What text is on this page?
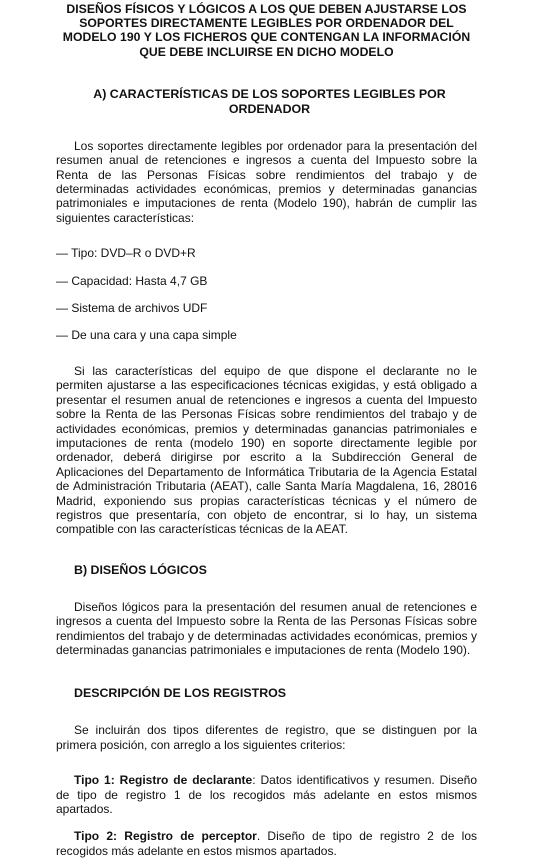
DISEÑOS FÍSICOS Y LÓGICOS A LOS QUE DEBEN AJUSTARSE LOS SOPORTES DIRECTAMENTE LEGIBLES POR ORDENADOR DEL MODELO 190 Y LOS FICHEROS QUE CONTENGAN LA INFORMACIÓN QUE DEBE INCLUIRSE EN DICHO MODELO
A) CARACTERÍSTICAS DE LOS SOPORTES LEGIBLES POR ORDENADOR

Los soportes directamente legibles por ordenador para la presentación del resumen anual de retenciones e ingresos a cuenta del Impuesto sobre la Renta de las Personas Físicas sobre rendimientos del trabajo y de determinadas actividades económicas, premios y determinadas ganancias patrimoniales e imputaciones de renta (Modelo 190), habrán de cumplir las siguientes características:

— Tipo: DVD–R o DVD+R
— Capacidad: Hasta 4,7 GB
— Sistema de archivos UDF
— De una cara y una capa simple

Si las características del equipo de que dispone el declarante no le permiten ajustarse a las especificaciones técnicas exigidas, y está obligado a presentar el resumen anual de retenciones e ingresos a cuenta del Impuesto sobre la Renta de las Personas Físicas sobre rendimientos del trabajo y de actividades económicas, premios y determinadas ganancias patrimoniales e imputaciones de renta (modelo 190) en soporte directamente legible por ordenador, deberá dirigirse por escrito a la Subdirección General de Aplicaciones del Departamento de Informática Tributaria de la Agencia Estatal de Administración Tributaria (AEAT), calle Santa María Magdalena, 16, 28016 Madrid, exponiendo sus propias características técnicas y el número de registros que presentaría, con objeto de encontrar, si lo hay, un sistema compatible con las características técnicas de la AEAT.

B) DISEÑOS LÓGICOS

Diseños lógicos para la presentación del resumen anual de retenciones e ingresos a cuenta del Impuesto sobre la Renta de las Personas Físicas sobre rendimientos del trabajo y de determinadas actividades económicas, premios y determinadas ganancias patrimoniales e imputaciones de renta (Modelo 190).

DESCRIPCIÓN DE LOS REGISTROS

Se incluirán dos tipos diferentes de registro, que se distinguen por la primera posición, con arreglo a los siguientes criterios:

Tipo 1: Registro de declarante: Datos identificativos y resumen. Diseño de tipo de registro 1 de los recogidos más adelante en estos mismos apartados.

Tipo 2: Registro de perceptor. Diseño de tipo de registro 2 de los recogidos más adelante en estos mismos apartados.
